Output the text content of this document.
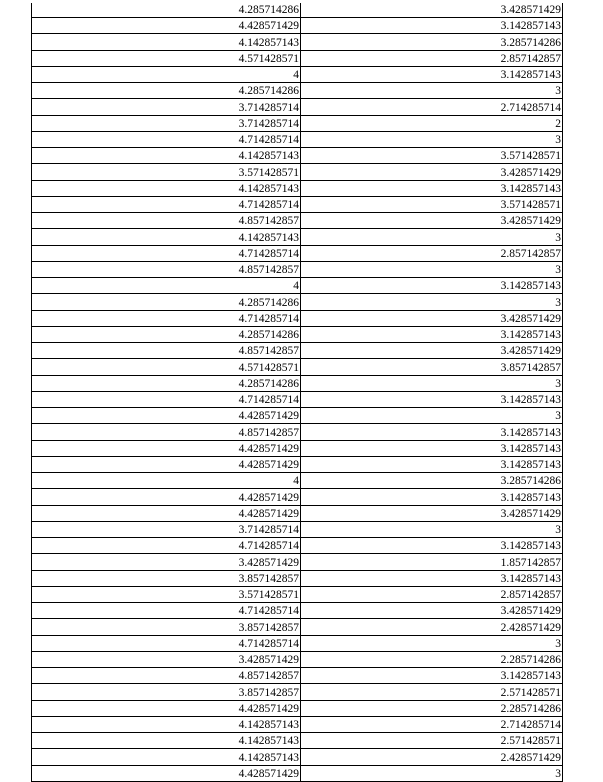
4.285714286	3.428571429
4.428571429	3.142857143
4.142857143	3.285714286
4.571428571	2.857142857
4	3.142857143
4.285714286	3
3.714285714	2.714285714
3.714285714	2
4.714285714	3
4.142857143	3.571428571
3.571428571	3.428571429
4.142857143	3.142857143
4.714285714	3.571428571
4.857142857	3.428571429
4.142857143	3
4.714285714	2.857142857
4.857142857	3
4	3.142857143
4.285714286	3
4.714285714	3.428571429
4.285714286	3.142857143
4.857142857	3.428571429
4.571428571	3.857142857
4.285714286	3
4.714285714	3.142857143
4.428571429	3
4.857142857	3.142857143
4.428571429	3.142857143
4.428571429	3.142857143
4	3.285714286
4.428571429	3.142857143
4.428571429	3.428571429
3.714285714	3
4.714285714	3.142857143
3.428571429	1.857142857
3.857142857	3.142857143
3.571428571	2.857142857
4.714285714	3.428571429
3.857142857	2.428571429
4.714285714	3
3.428571429	2.285714286
4.857142857	3.142857143
3.857142857	2.571428571
4.428571429	2.285714286
4.142857143	2.714285714
4.142857143	2.571428571
4.142857143	2.428571429
4.428571429	3
